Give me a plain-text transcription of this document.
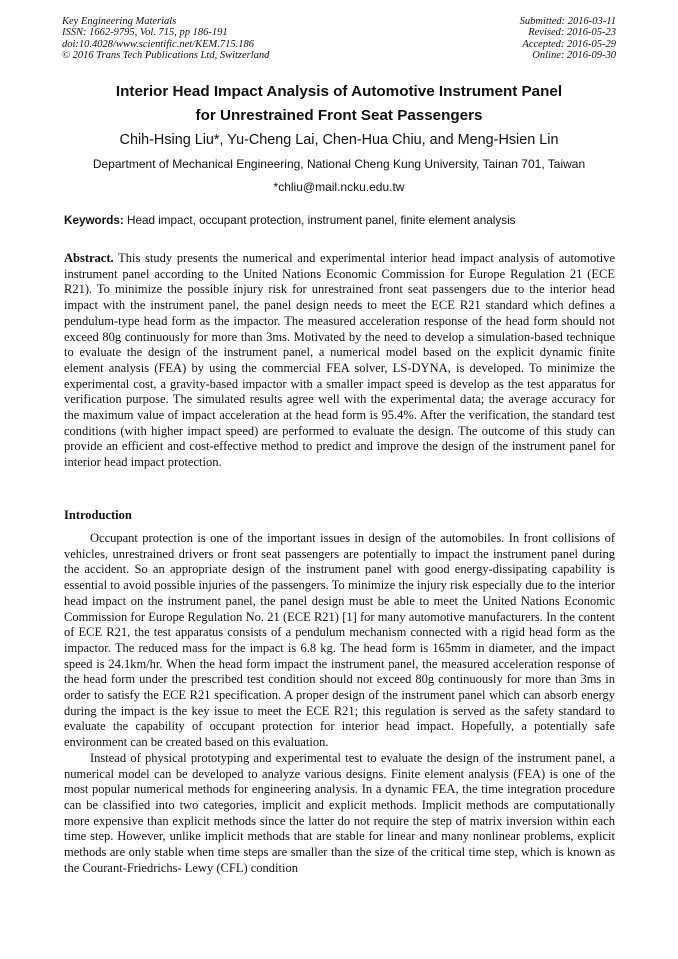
Key Engineering Materials
ISSN: 1662-9795, Vol. 715, pp 186-191
doi:10.4028/www.scientific.net/KEM.715.186
© 2016 Trans Tech Publications Ltd, Switzerland
Submitted: 2016-03-11
Revised: 2016-05-23
Accepted: 2016-05-29
Online: 2016-09-30
Interior Head Impact Analysis of Automotive Instrument Panel
for Unrestrained Front Seat Passengers
Chih-Hsing Liu*, Yu-Cheng Lai, Chen-Hua Chiu, and Meng-Hsien Lin
Department of Mechanical Engineering, National Cheng Kung University, Tainan 701, Taiwan
*chliu@mail.ncku.edu.tw
Keywords: Head impact, occupant protection, instrument panel, finite element analysis

Abstract. This study presents the numerical and experimental interior head impact analysis of automotive instrument panel according to the United Nations Economic Commission for Europe Regulation 21 (ECE R21). To minimize the possible injury risk for unrestrained front seat passengers due to the interior head impact with the instrument panel, the panel design needs to meet the ECE R21 standard which defines a pendulum-type head form as the impactor. The measured acceleration response of the head form should not exceed 80g continuously for more than 3ms. Motivated by the need to develop a simulation-based technique to evaluate the design of the instrument panel, a numerical model based on the explicit dynamic finite element analysis (FEA) by using the commercial FEA solver, LS-DYNA, is developed. To minimize the experimental cost, a gravity-based impactor with a smaller impact speed is develop as the test apparatus for verification purpose. The simulated results agree well with the experimental data; the average accuracy for the maximum value of impact acceleration at the head form is 95.4%. After the verification, the standard test conditions (with higher impact speed) are performed to evaluate the design. The outcome of this study can provide an efficient and cost-effective method to predict and improve the design of the instrument panel for interior head impact protection.

Introduction

Occupant protection is one of the important issues in design of the automobiles. In front collisions of vehicles, unrestrained drivers or front seat passengers are potentially to impact the instrument panel during the accident. So an appropriate design of the instrument panel with good energy-dissipating capability is essential to avoid possible injuries of the passengers. To minimize the injury risk especially due to the interior head impact on the instrument panel, the panel design must be able to meet the United Nations Economic Commission for Europe Regulation No. 21 (ECE R21) [1] for many automotive manufacturers. In the content of ECE R21, the test apparatus consists of a pendulum mechanism connected with a rigid head form as the impactor. The reduced mass for the impact is 6.8 kg. The head form is 165mm in diameter, and the impact speed is 24.1km/hr. When the head form impact the instrument panel, the measured acceleration response of the head form under the prescribed test condition should not exceed 80g continuously for more than 3ms in order to satisfy the ECE R21 specification. A proper design of the instrument panel which can absorb energy during the impact is the key issue to meet the ECE R21; this regulation is served as the safety standard to evaluate the capability of occupant protection for interior head impact. Hopefully, a potentially safe environment can be created based on this evaluation.

Instead of physical prototyping and experimental test to evaluate the design of the instrument panel, a numerical model can be developed to analyze various designs. Finite element analysis (FEA) is one of the most popular numerical methods for engineering analysis. In a dynamic FEA, the time integration procedure can be classified into two categories, implicit and explicit methods. Implicit methods are computationally more expensive than explicit methods since the latter do not require the step of matrix inversion within each time step. However, unlike implicit methods that are stable for linear and many nonlinear problems, explicit methods are only stable when time steps are smaller than the size of the critical time step, which is known as the Courant-Friedrichs- Lewy (CFL) condition
